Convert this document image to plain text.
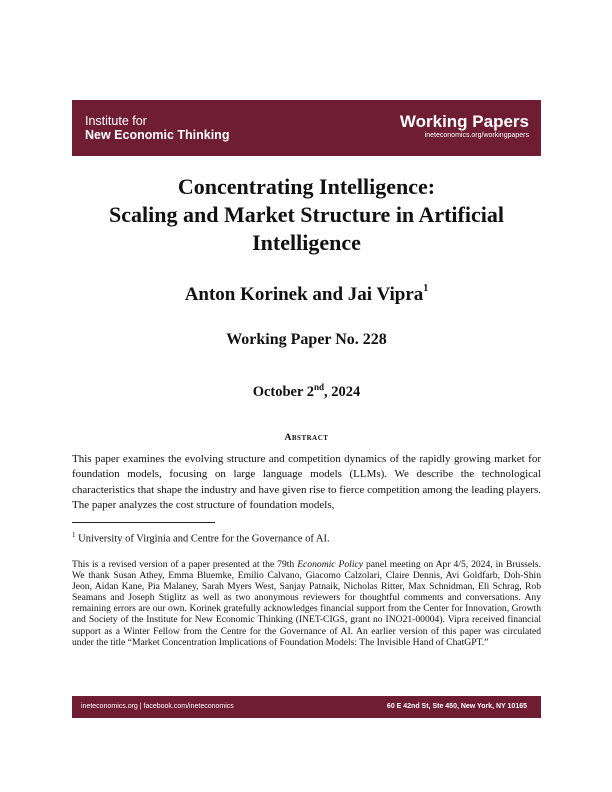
Institute for
New Economic Thinking
Working Papers
ineteconomics.org/workingpapers
Concentrating Intelligence:
Scaling and Market Structure in Artificial
Intelligence
Anton Korinek and Jai Vipra$^1$
Working Paper No. 228
October 2nd, 2024
Abstract
This paper examines the evolving structure and competition dynamics of the rapidly growing market for foundation models, focusing on large language models (LLMs). We describe the technological characteristics that shape the industry and have given rise to fierce competition among the leading players. The paper analyzes the cost structure of foundation models,
$^1$ University of Virginia and Centre for the Governance of AI.
This is a revised version of a paper presented at the 79th Economic Policy panel meeting on Apr 4/5, 2024, in Brussels. We thank Susan Athey, Emma Bluemke, Emilio Calvano, Giacomo Calzolari, Claire Dennis, Avi Goldfarb, Doh-Shin Jeon, Aidan Kane, Pia Malaney, Sarah Myers West, Sanjay Patnaik, Nicholas Ritter, Max Schnidman, Eli Schrag, Rob Seamans and Joseph Stiglitz as well as two anonymous reviewers for thoughtful comments and conversations. Any remaining errors are our own. Korinek gratefully acknowledges financial support from the Center for Innovation, Growth and Society of the Institute for New Economic Thinking (INET-CIGS, grant no INO21-00004). Vipra received financial support as a Winter Fellow from the Centre for the Governance of AI. An earlier version of this paper was circulated under the title “Market Concentration Implications of Foundation Models: The Invisible Hand of ChatGPT.”
ineteconomics.org | facebook.com/ineteconomics	60 E 42nd St, Ste 450, New York, NY 10165
